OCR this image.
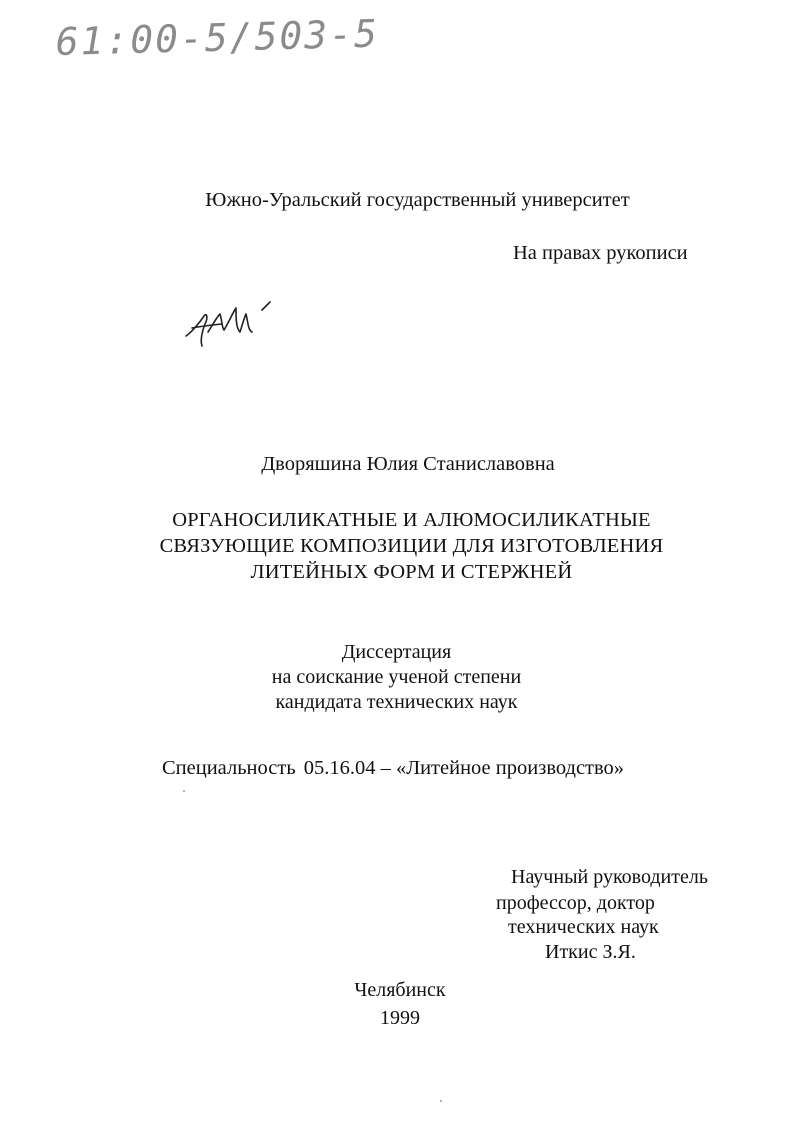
61:00-5/503-5
Южно-Уральский государственный университет
На правах рукописи
Дворяшина Юлия Станиславовна
ОРГАНОСИЛИКАТНЫЕ И АЛЮМОСИЛИКАТНЫЕ
СВЯЗУЮЩИЕ КОМПОЗИЦИИ ДЛЯ ИЗГОТОВЛЕНИЯ
ЛИТЕЙНЫХ ФОРМ И СТЕРЖНЕЙ
Диссертация
на соискание ученой степени
кандидата технических наук
Специальность 05.16.04 – «Литейное производство»
Научный руководитель
профессор, доктор
технических наук
Иткис З.Я.
Челябинск
1999
